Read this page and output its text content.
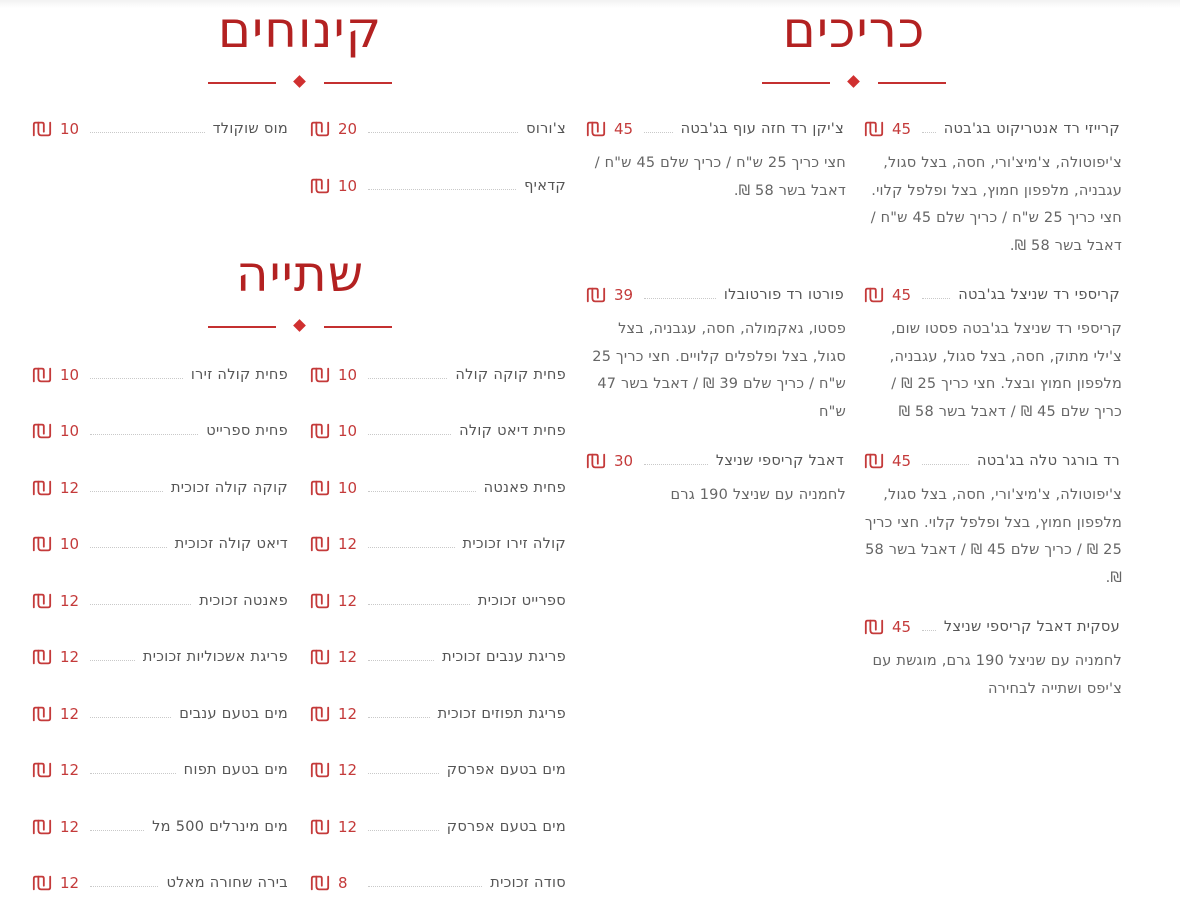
כריכים
קינוחים
שתייה
45 קרייזי רד אנטריקוט בג'בטה
צ'יפוטולה, צ'מיצ'ורי, חסה, בצל סגול, עגבניה, מלפפון חמוץ, בצל ופלפל קלוי. חצי כריך 25 ש"ח / כריך שלם 45 ש"ח / דאבל בשר 58 ₪.
45	קריספי רד שניצל בג'בטה
קריספי רד שניצל בג'בטה פסטו שום, צ'ילי מתוק, חסה, בצל סגול, עגבניה, מלפפון חמוץ ובצל. חצי כריך 25 ₪ / כריך שלם 45 ₪ / דאבל בשר 58 ₪
45	רד בורגר טלה בג'בטה
צ'יפוטולה, צ'מיצ'ורי, חסה, בצל סגול, מלפפון חמוץ, בצל ופלפל קלוי. חצי כריך 25 ₪ / כריך שלם 45 ₪ / דאבל בשר 58 ₪.
45 עסקית דאבל קריספי שניצל
לחמניה עם שניצל 190 גרם, מוגשת עם צ'יפס ושתייה לבחירה
45	צ'יקן רד חזה עוף בג'בטה
חצי כריך 25 ש"ח / כריך שלם 45 ש"ח / דאבל בשר 58 ₪.
39	פורטו רד פורטובלו
פסטו, גאקמולה, חסה, עגבניה, בצל סגול, בצל ופלפלים קלויים. חצי כריך 25 ש"ח / כריך שלם 39 ₪ / דאבל בשר 47 ש"ח
30	דאבל קריספי שניצל
לחמניה עם שניצל 190 גרם
20	צ'ורוס
10	קדאיף
10	מוס שוקולד
10	פחית קוקה קולה
10	פחית קולה זירו
10	פחית דיאט קולה
10	פחית ספרייט
10	פחית פאנטה
12	קוקה קולה זכוכית
12	קולה זירו זכוכית
10	דיאט קולה זכוכית
12	ספרייט זכוכית
12	פאנטה זכוכית
12	פריגת ענבים זכוכית
12	פריגת אשכוליות זכוכית
12	פריגת תפוזים זכוכית
12	מים בטעם ענבים
12	מים בטעם אפרסק
12	מים בטעם תפוח
12	מים בטעם אפרסק
12	מים מינרלים 500 מל
8	סודה זכוכית
12	בירה שחורה מאלט
